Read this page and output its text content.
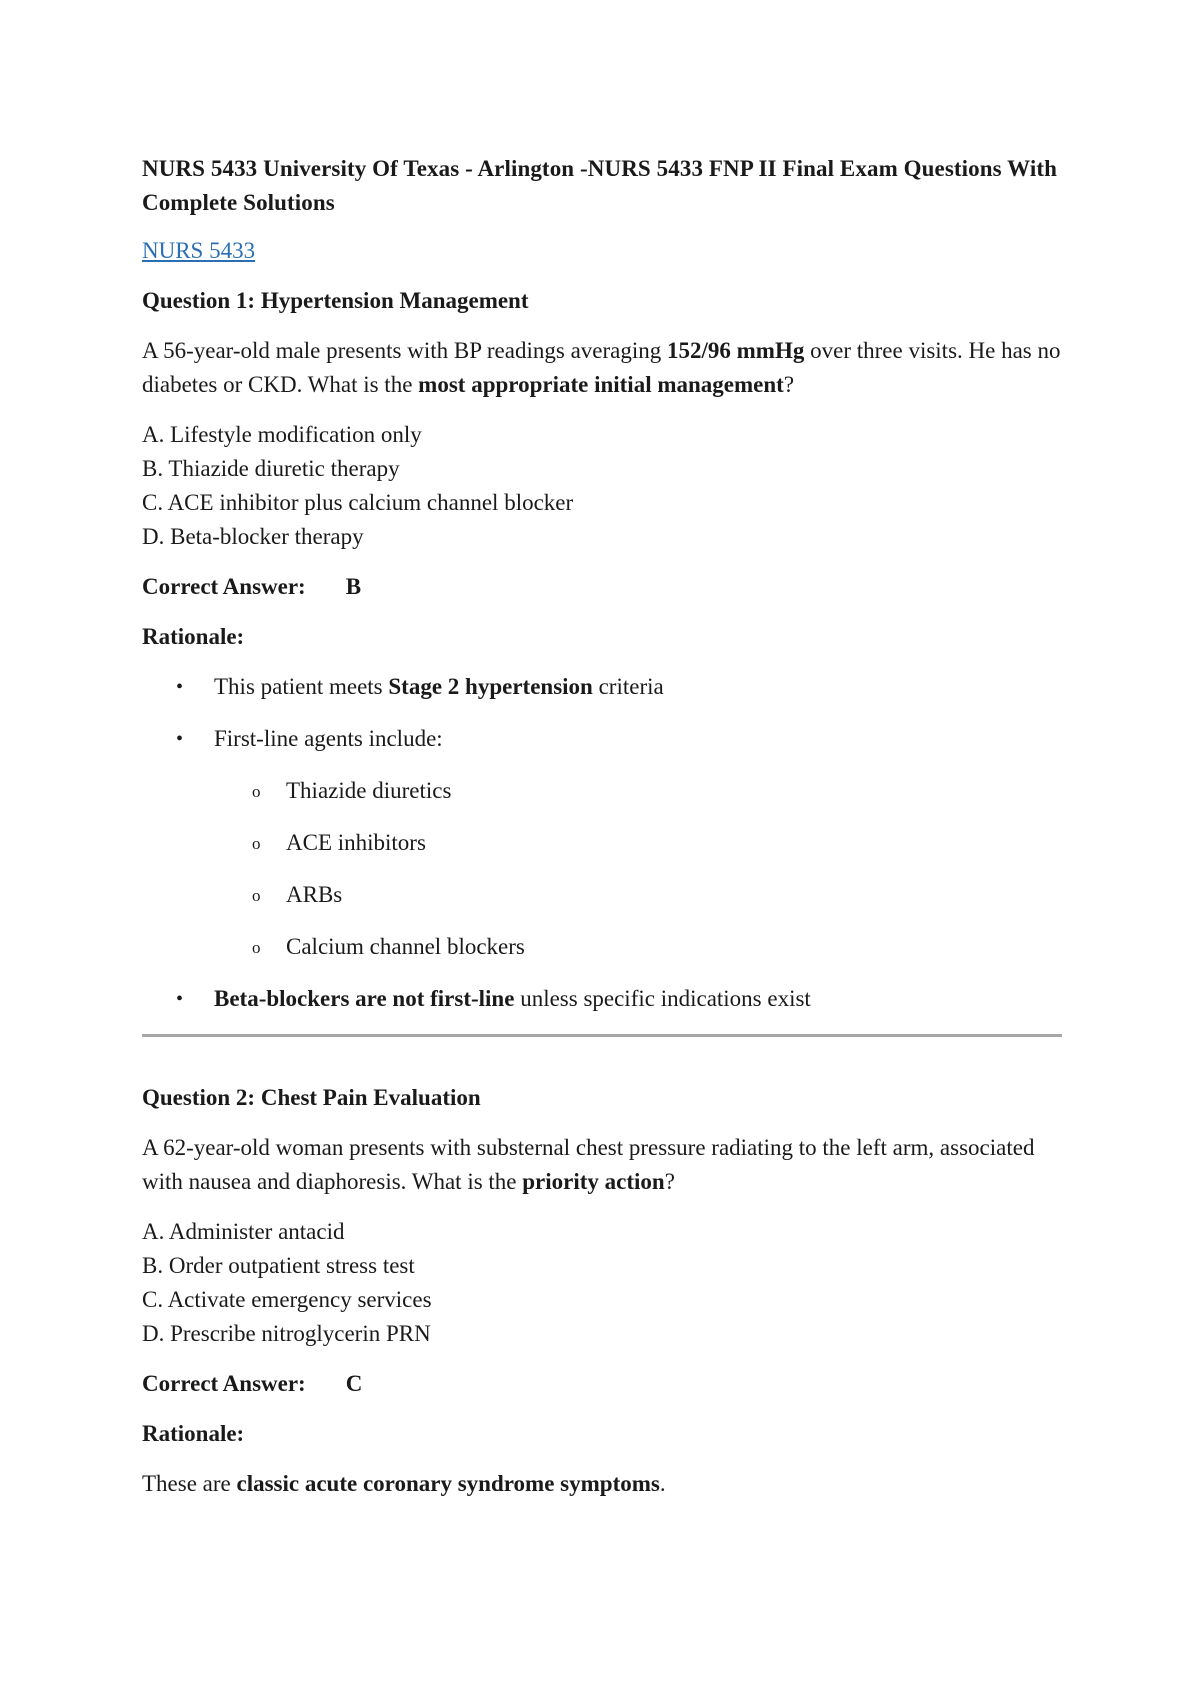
NURS 5433 University Of Texas - Arlington -NURS 5433 FNP II Final Exam Questions With Complete Solutions

NURS 5433

Question 1: Hypertension Management

A 56-year-old male presents with BP readings averaging 152/96 mmHg over three visits. He has no diabetes or CKD. What is the most appropriate initial management?

A. Lifestyle modification only
B. Thiazide diuretic therapy
C. ACE inhibitor plus calcium channel blocker
D. Beta-blocker therapy

Correct Answer: B

Rationale:

• This patient meets Stage 2 hypertension criteria
• First-line agents include:
o Thiazide diuretics
o ACE inhibitors
o ARBs
o Calcium channel blockers
• Beta-blockers are not first-line unless specific indications exist

Question 2: Chest Pain Evaluation

A 62-year-old woman presents with substernal chest pressure radiating to the left arm, associated with nausea and diaphoresis. What is the priority action?

A. Administer antacid
B. Order outpatient stress test
C. Activate emergency services
D. Prescribe nitroglycerin PRN

Correct Answer: C

Rationale:

These are classic acute coronary syndrome symptoms.
